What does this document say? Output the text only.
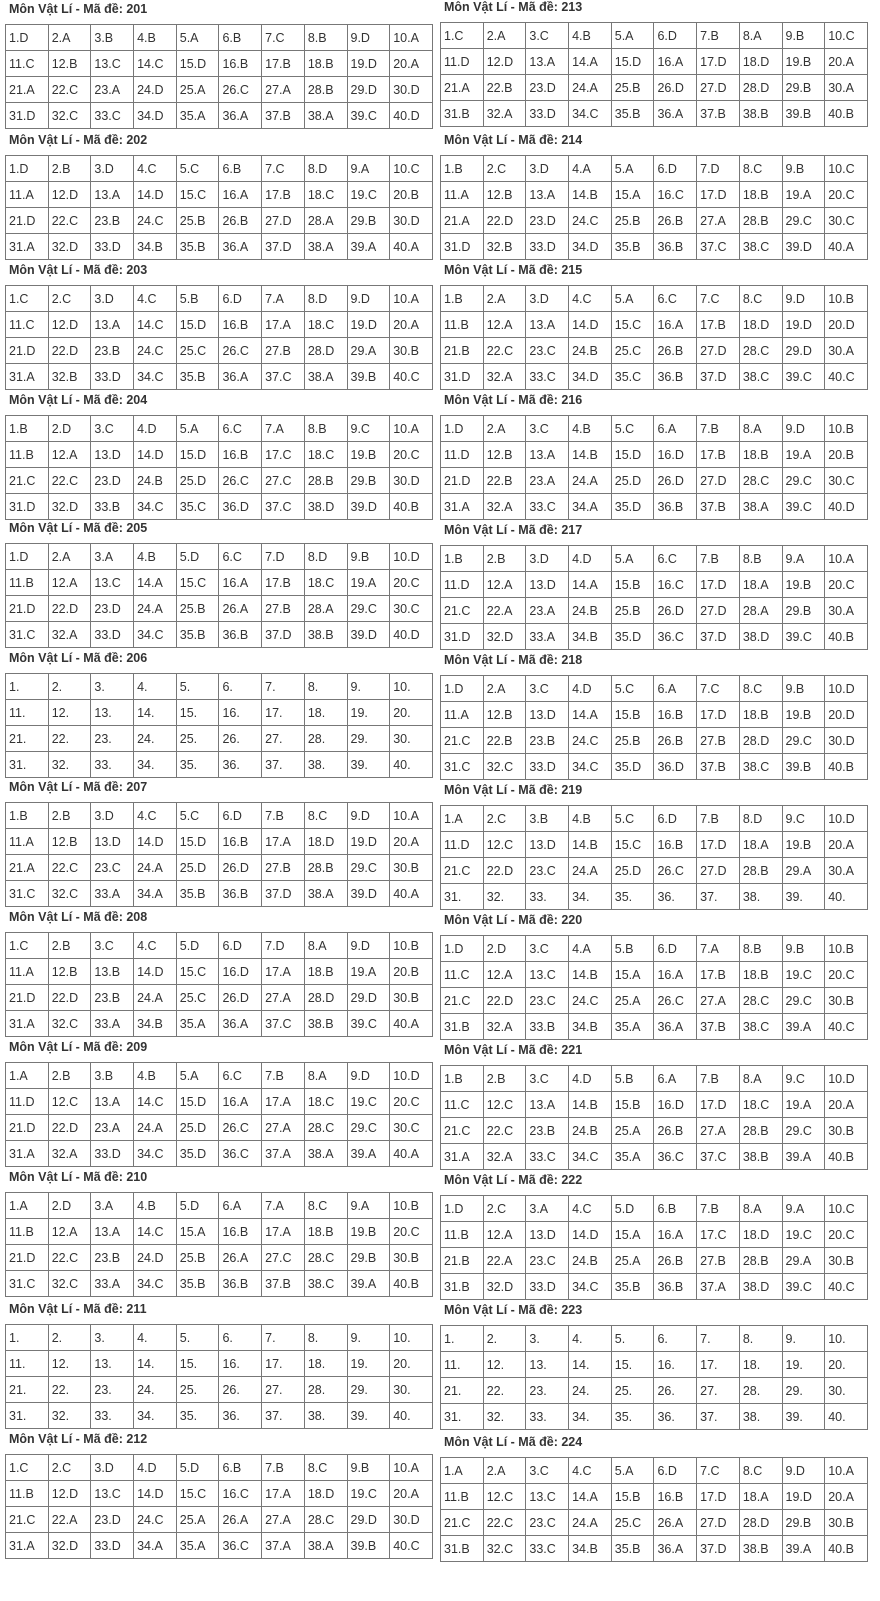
Môn Vật Lí - Mã đề: 201
1.D	2.A	3.B	4.B	5.A	6.B	7.C	8.B	9.D	10.A
11.C	12.B	13.C	14.C	15.D	16.B	17.B	18.B	19.D	20.A
21.A	22.C	23.A	24.D	25.A	26.C	27.A	28.B	29.D	30.D
31.D	32.C	33.C	34.D	35.A	36.A	37.B	38.A	39.C	40.D
Môn Vật Lí - Mã đề: 202
1.D	2.B	3.D	4.C	5.C	6.B	7.C	8.D	9.A	10.C
11.A	12.D	13.A	14.D	15.C	16.A	17.B	18.C	19.C	20.B
21.D	22.C	23.B	24.C	25.B	26.B	27.D	28.A	29.B	30.D
31.A	32.D	33.D	34.B	35.B	36.A	37.D	38.A	39.A	40.A
Môn Vật Lí - Mã đề: 203
1.C	2.C	3.D	4.C	5.B	6.D	7.A	8.D	9.D	10.A
11.C	12.D	13.A	14.C	15.D	16.B	17.A	18.C	19.D	20.A
21.D	22.D	23.B	24.C	25.C	26.C	27.B	28.D	29.A	30.B
31.A	32.B	33.D	34.C	35.B	36.A	37.C	38.A	39.B	40.C
Môn Vật Lí - Mã đề: 204
1.B	2.D	3.C	4.D	5.A	6.C	7.A	8.B	9.C	10.A
11.B	12.A	13.D	14.D	15.D	16.B	17.C	18.C	19.B	20.C
21.C	22.C	23.D	24.B	25.D	26.C	27.C	28.B	29.B	30.D
31.D	32.D	33.B	34.C	35.C	36.D	37.C	38.D	39.D	40.B
Môn Vật Lí - Mã đề: 205
1.D	2.A	3.A	4.B	5.D	6.C	7.D	8.D	9.B	10.D
11.B	12.A	13.C	14.A	15.C	16.A	17.B	18.C	19.A	20.C
21.D	22.D	23.D	24.A	25.B	26.A	27.B	28.A	29.C	30.C
31.C	32.A	33.D	34.C	35.B	36.B	37.D	38.B	39.D	40.D
Môn Vật Lí - Mã đề: 206
1.	2.	3.	4.	5.	6.	7.	8.	9.	10.
11.	12.	13.	14.	15.	16.	17.	18.	19.	20.
21.	22.	23.	24.	25.	26.	27.	28.	29.	30.
31.	32.	33.	34.	35.	36.	37.	38.	39.	40.
Môn Vật Lí - Mã đề: 207
1.B	2.B	3.D	4.C	5.C	6.D	7.B	8.C	9.D	10.A
11.A	12.B	13.D	14.D	15.D	16.B	17.A	18.D	19.D	20.A
21.A	22.C	23.C	24.A	25.D	26.D	27.B	28.B	29.C	30.B
31.C	32.C	33.A	34.A	35.B	36.B	37.D	38.A	39.D	40.A
Môn Vật Lí - Mã đề: 208
1.C	2.B	3.C	4.C	5.D	6.D	7.D	8.A	9.D	10.B
11.A	12.B	13.B	14.D	15.C	16.D	17.A	18.B	19.A	20.B
21.D	22.D	23.B	24.A	25.C	26.D	27.A	28.D	29.D	30.B
31.A	32.C	33.A	34.B	35.A	36.A	37.C	38.B	39.C	40.A
Môn Vật Lí - Mã đề: 209
1.A	2.B	3.B	4.B	5.A	6.C	7.B	8.A	9.D	10.D
11.D	12.C	13.A	14.C	15.D	16.A	17.A	18.C	19.C	20.C
21.D	22.D	23.A	24.A	25.D	26.C	27.A	28.C	29.C	30.C
31.A	32.A	33.D	34.C	35.D	36.C	37.A	38.A	39.A	40.A
Môn Vật Lí - Mã đề: 210
1.A	2.D	3.A	4.B	5.D	6.A	7.A	8.C	9.A	10.B
11.B	12.A	13.A	14.C	15.A	16.B	17.A	18.B	19.B	20.C
21.D	22.C	23.B	24.D	25.B	26.A	27.C	28.C	29.B	30.B
31.C	32.C	33.A	34.C	35.B	36.B	37.B	38.C	39.A	40.B
Môn Vật Lí - Mã đề: 211
1.	2.	3.	4.	5.	6.	7.	8.	9.	10.
11.	12.	13.	14.	15.	16.	17.	18.	19.	20.
21.	22.	23.	24.	25.	26.	27.	28.	29.	30.
31.	32.	33.	34.	35.	36.	37.	38.	39.	40.
Môn Vật Lí - Mã đề: 212
1.C	2.C	3.D	4.D	5.D	6.B	7.B	8.C	9.B	10.A
11.B	12.D	13.C	14.D	15.C	16.C	17.A	18.D	19.C	20.A
21.C	22.A	23.D	24.C	25.A	26.A	27.A	28.C	29.D	30.D
31.A	32.D	33.D	34.A	35.A	36.C	37.A	38.A	39.B	40.C
Môn Vật Lí - Mã đề: 213
1.C	2.A	3.C	4.B	5.A	6.D	7.B	8.A	9.B	10.C
11.D	12.D	13.A	14.A	15.D	16.A	17.D	18.D	19.B	20.A
21.A	22.B	23.D	24.A	25.B	26.D	27.D	28.D	29.B	30.A
31.B	32.A	33.D	34.C	35.B	36.A	37.B	38.B	39.B	40.B
Môn Vật Lí - Mã đề: 214
1.B	2.C	3.D	4.A	5.A	6.D	7.D	8.C	9.B	10.C
11.A	12.B	13.A	14.B	15.A	16.C	17.D	18.B	19.A	20.C
21.A	22.D	23.D	24.C	25.B	26.B	27.A	28.B	29.C	30.C
31.D	32.B	33.D	34.D	35.B	36.B	37.C	38.C	39.D	40.A
Môn Vật Lí - Mã đề: 215
1.B	2.A	3.D	4.C	5.A	6.C	7.C	8.C	9.D	10.B
11.B	12.A	13.A	14.D	15.C	16.A	17.B	18.D	19.D	20.D
21.B	22.C	23.C	24.B	25.C	26.B	27.D	28.C	29.D	30.A
31.D	32.A	33.C	34.D	35.C	36.B	37.D	38.C	39.C	40.C
Môn Vật Lí - Mã đề: 216
1.D	2.A	3.C	4.B	5.C	6.A	7.B	8.A	9.D	10.B
11.D	12.B	13.A	14.B	15.D	16.D	17.B	18.B	19.A	20.B
21.D	22.B	23.A	24.A	25.D	26.D	27.D	28.C	29.C	30.C
31.A	32.A	33.C	34.A	35.D	36.B	37.B	38.A	39.C	40.D
Môn Vật Lí - Mã đề: 217
1.B	2.B	3.D	4.D	5.A	6.C	7.B	8.B	9.A	10.A
11.D	12.A	13.D	14.A	15.B	16.C	17.D	18.A	19.B	20.C
21.C	22.A	23.A	24.B	25.B	26.D	27.D	28.A	29.B	30.A
31.D	32.D	33.A	34.B	35.D	36.C	37.D	38.D	39.C	40.B
Môn Vật Lí - Mã đề: 218
1.D	2.A	3.C	4.D	5.C	6.A	7.C	8.C	9.B	10.D
11.A	12.B	13.D	14.A	15.B	16.B	17.D	18.B	19.B	20.D
21.C	22.B	23.B	24.C	25.B	26.B	27.B	28.D	29.C	30.D
31.C	32.C	33.D	34.C	35.D	36.D	37.B	38.C	39.B	40.B
Môn Vật Lí - Mã đề: 219
1.A	2.C	3.B	4.B	5.C	6.D	7.B	8.D	9.C	10.D
11.D	12.C	13.D	14.B	15.C	16.B	17.D	18.A	19.B	20.A
21.C	22.D	23.C	24.A	25.D	26.C	27.D	28.B	29.A	30.A
31.	32.	33.	34.	35.	36.	37.	38.	39.	40.
Môn Vật Lí - Mã đề: 220
1.D	2.D	3.C	4.A	5.B	6.D	7.A	8.B	9.B	10.B
11.C	12.A	13.C	14.B	15.A	16.A	17.B	18.B	19.C	20.C
21.C	22.D	23.C	24.C	25.A	26.C	27.A	28.C	29.C	30.B
31.B	32.A	33.B	34.B	35.A	36.A	37.B	38.C	39.A	40.C
Môn Vật Lí - Mã đề: 221
1.B	2.B	3.C	4.D	5.B	6.A	7.B	8.A	9.C	10.D
11.C	12.C	13.A	14.B	15.B	16.D	17.D	18.C	19.A	20.A
21.C	22.C	23.B	24.B	25.A	26.B	27.A	28.B	29.C	30.B
31.A	32.A	33.C	34.C	35.A	36.C	37.C	38.B	39.A	40.B
Môn Vật Lí - Mã đề: 222
1.D	2.C	3.A	4.C	5.D	6.B	7.B	8.A	9.A	10.C
11.B	12.A	13.D	14.D	15.A	16.A	17.C	18.D	19.C	20.C
21.B	22.A	23.C	24.B	25.A	26.B	27.B	28.B	29.A	30.B
31.B	32.D	33.D	34.C	35.B	36.B	37.A	38.D	39.C	40.C
Môn Vật Lí - Mã đề: 223
1.	2.	3.	4.	5.	6.	7.	8.	9.	10.
11.	12.	13.	14.	15.	16.	17.	18.	19.	20.
21.	22.	23.	24.	25.	26.	27.	28.	29.	30.
31.	32.	33.	34.	35.	36.	37.	38.	39.	40.
Môn Vật Lí - Mã đề: 224
1.A	2.A	3.C	4.C	5.A	6.D	7.C	8.C	9.D	10.A
11.B	12.C	13.C	14.A	15.B	16.B	17.D	18.A	19.D	20.A
21.C	22.C	23.C	24.A	25.C	26.A	27.D	28.D	29.B	30.B
31.B	32.C	33.C	34.B	35.B	36.A	37.D	38.B	39.A	40.B
